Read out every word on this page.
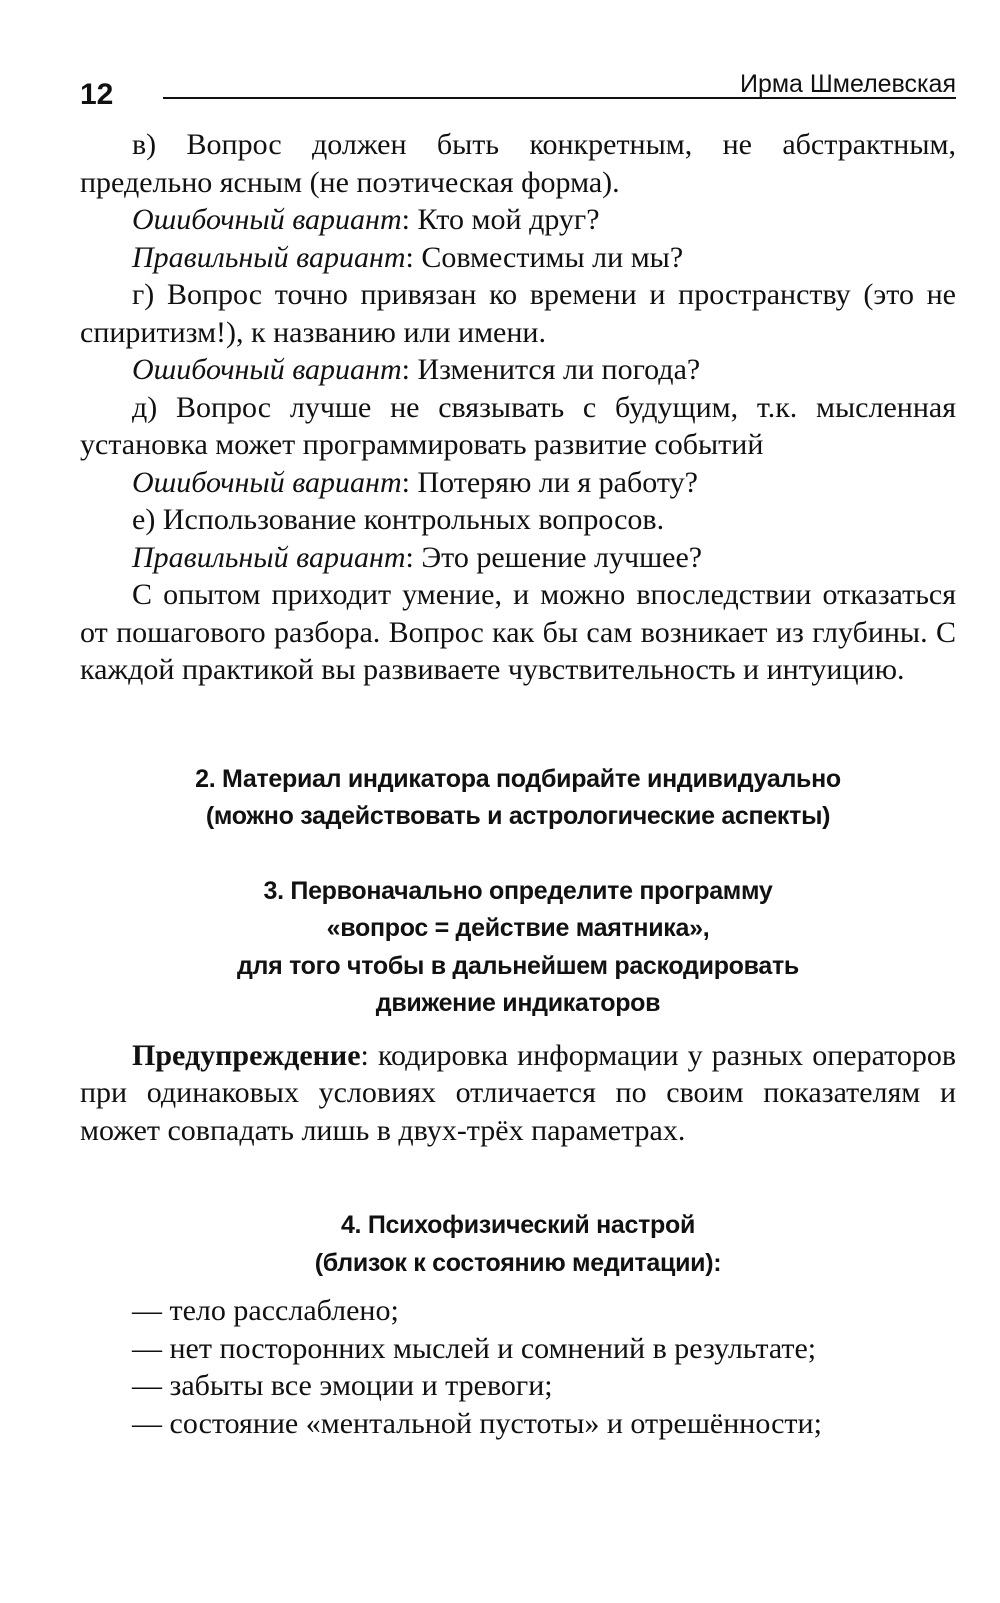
12	Ирма Шмелевская

в) Вопрос должен быть конкретным, не абстрактным, предельно ясным (не поэтическая форма).

Ошибочный вариант: Кто мой друг?

Правильный вариант: Совместимы ли мы?

г) Вопрос точно привязан ко времени и пространству (это не спиритизм!), к названию или имени.

Ошибочный вариант: Изменится ли погода?

д) Вопрос лучше не связывать с будущим, т.к. мысленная установка может программировать развитие событий

Ошибочный вариант: Потеряю ли я работу?

е) Использование контрольных вопросов.

Правильный вариант: Это решение лучшее?

С опытом приходит умение, и можно впоследствии отказаться от пошагового разбора. Вопрос как бы сам возникает из глубины. С каждой практикой вы развиваете чувствительность и интуицию.

2. Материал индикатора подбирайте индивидуально

(можно задействовать и астрологические аспекты)

3. Первоначально определите программу

«вопрос = действие маятника»,

для того чтобы в дальнейшем раскодировать

движение индикаторов

Предупреждение: кодировка информации у разных операторов при одинаковых условиях отличается по своим показателям и может совпадать лишь в двух-трёх параметрах.

4. Психофизический настрой

(близок к состоянию медитации):

— тело расслаблено;

— нет посторонних мыслей и сомнений в результате;

— забыты все эмоции и тревоги;

— состояние «ментальной пустоты» и отрешённости;
